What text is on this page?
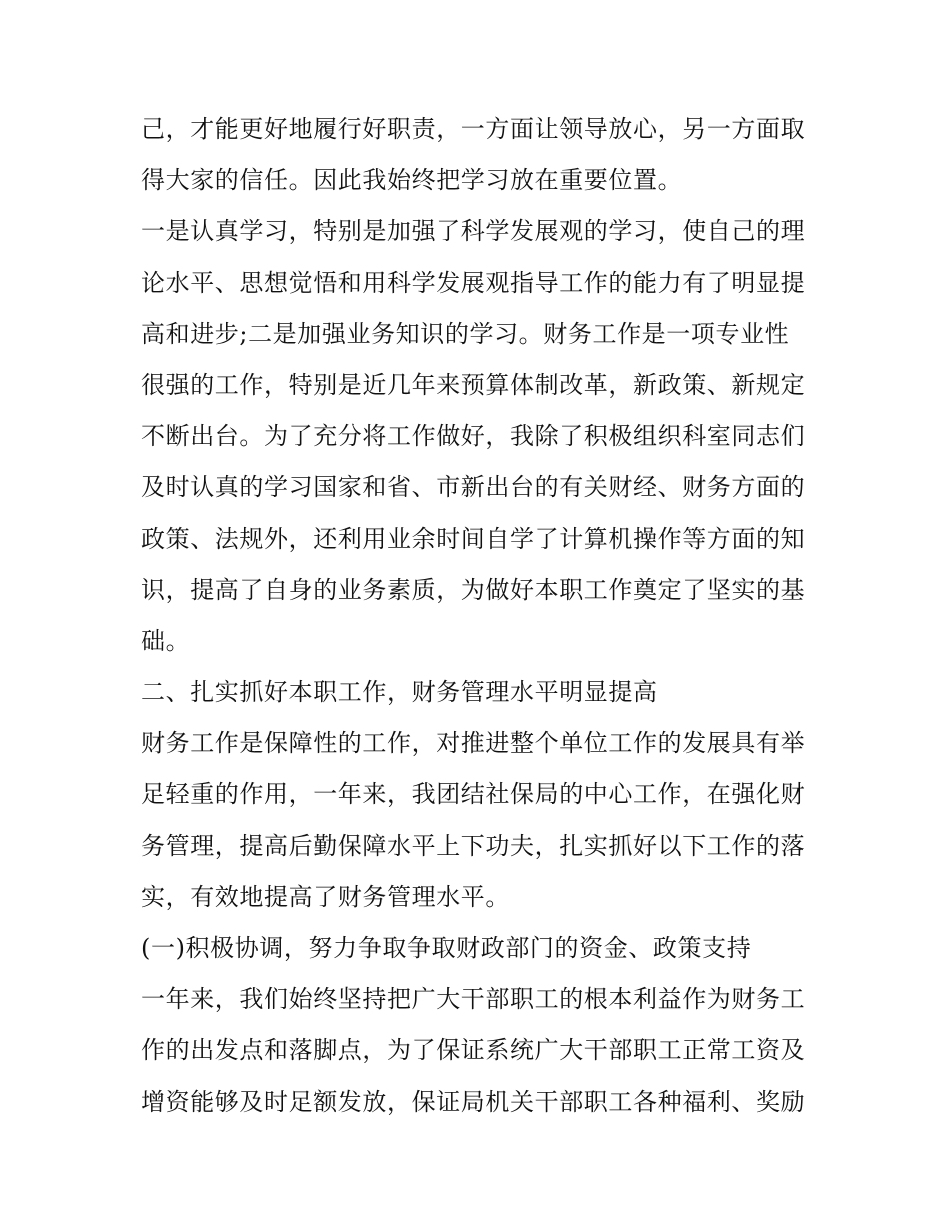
己，才能更好地履行好职责，一方面让领导放心，另一方面取
得大家的信任。因此我始终把学习放在重要位置。
一是认真学习，特别是加强了科学发展观的学习，使自己的理
论水平、思想觉悟和用科学发展观指导工作的能力有了明显提
高和进步;二是加强业务知识的学习。财务工作是一项专业性
很强的工作，特别是近几年来预算体制改革，新政策、新规定
不断出台。为了充分将工作做好，我除了积极组织科室同志们
及时认真的学习国家和省、市新出台的有关财经、财务方面的
政策、法规外，还利用业余时间自学了计算机操作等方面的知
识，提高了自身的业务素质，为做好本职工作奠定了坚实的基
础。
二、扎实抓好本职工作，财务管理水平明显提高
财务工作是保障性的工作，对推进整个单位工作的发展具有举
足轻重的作用，一年来，我团结社保局的中心工作，在强化财
务管理，提高后勤保障水平上下功夫，扎实抓好以下工作的落
实，有效地提高了财务管理水平。
(一)积极协调，努力争取争取财政部门的资金、政策支持
一年来，我们始终坚持把广大干部职工的根本利益作为财务工
作的出发点和落脚点，为了保证系统广大干部职工正常工资及
增资能够及时足额发放，保证局机关干部职工各种福利、奖励
